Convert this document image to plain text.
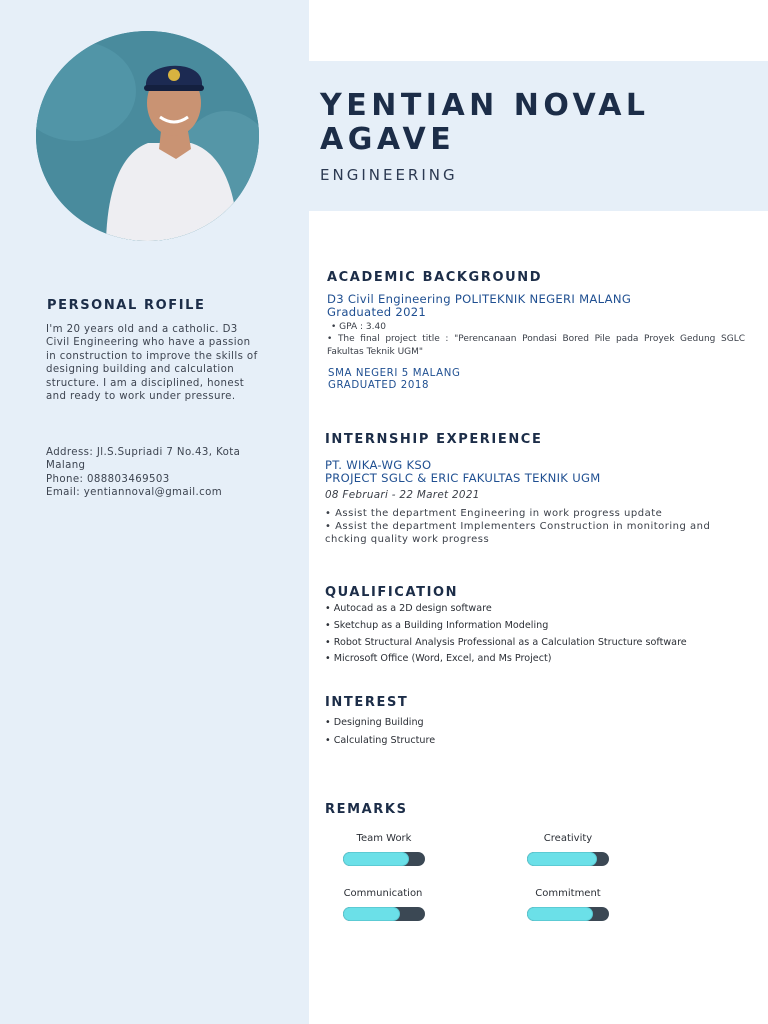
YENTIAN NOVAL AGAVE
ENGINEERING
PERSONAL ROFILE
I'm 20 years old and a catholic. D3 Civil Engineering who have a passion in construction to improve the skills of designing building and calculation structure. I am a disciplined, honest and ready to work under pressure.
Address: Jl.S.Supriadi 7 No.43, Kota Malang
Phone: 088803469503
Email: yentiannoval@gmail.com
ACADEMIC BACKGROUND
D3 Civil Engineering POLITEKNIK NEGERI MALANG
Graduated 2021
• GPA : 3.40
• The final project title : "Perencanaan Pondasi Bored Pile pada Proyek Gedung SGLC Fakultas Teknik UGM"
SMA NEGERI 5 MALANG
GRADUATED 2018
INTERNSHIP EXPERIENCE
PT. WIKA-WG KSO
PROJECT SGLC & ERIC FAKULTAS TEKNIK UGM
08 Februari - 22 Maret 2021
• Assist the department Engineering in work progress update
• Assist the department Implementers Construction in monitoring and chcking quality work progress
QUALIFICATION
• Autocad as a 2D design software
• Sketchup as a Building Information Modeling
• Robot Structural Analysis Professional as a Calculation Structure software
• Microsoft Office (Word, Excel, and Ms Project)
INTEREST
• Designing Building
• Calculating Structure
REMARKS
Team Work	Creativity
Communication	Commitment
